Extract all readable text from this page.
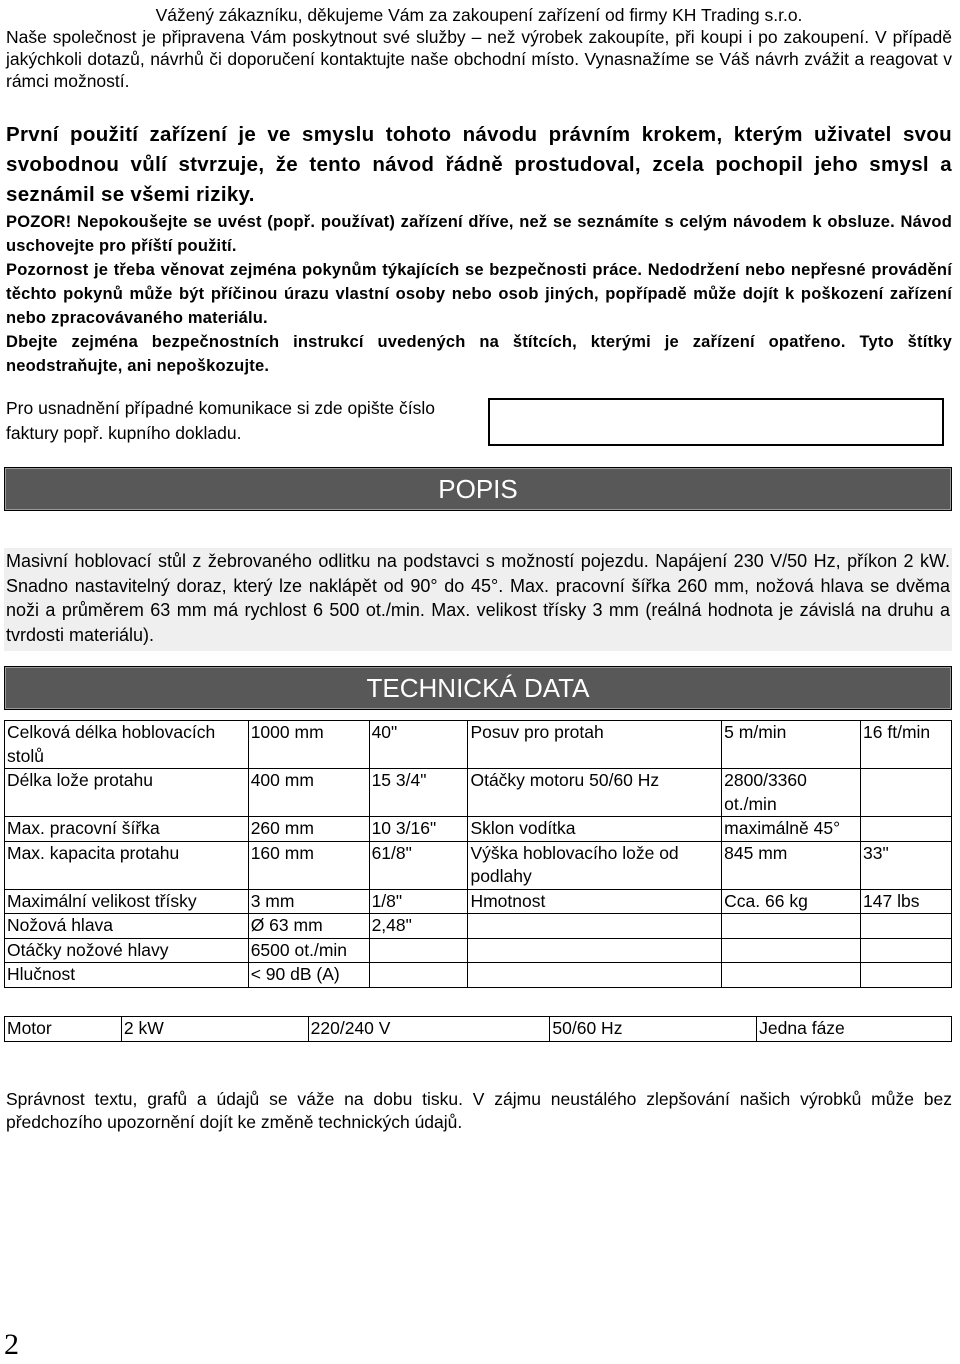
Vážený zákazníku, děkujeme Vám za zakoupení zařízení od firmy KH Trading s.r.o.
Naše společnost je připravena Vám poskytnout své služby – než výrobek zakoupíte, při koupi i po zakoupení. V případě jakýchkoli dotazů, návrhů či doporučení kontaktujte naše obchodní místo. Vynasnažíme se Váš návrh zvážit a reagovat v rámci možností.
První použití zařízení je ve smyslu tohoto návodu právním krokem, kterým uživatel svou svobodnou vůlí stvrzuje, že tento návod řádně prostudoval, zcela pochopil jeho smysl a seznámil se všemi riziky.
POZOR! Nepokoušejte se uvést (popř. používat) zařízení dříve, než se seznámíte s celým návodem k obsluze. Návod uschovejte pro příští použití.
Pozornost je třeba věnovat zejména pokynům týkajících se bezpečnosti práce. Nedodržení nebo nepřesné provádění těchto pokynů může být příčinou úrazu vlastní osoby nebo osob jiných, popřípadě může dojít k poškození zařízení nebo zpracovávaného materiálu.
Dbejte zejména bezpečnostních instrukcí uvedených na štítcích, kterými je zařízení opatřeno. Tyto štítky neodstraňujte, ani nepoškozujte.
Pro usnadnění případné komunikace si zde opište číslo faktury popř. kupního dokladu.
POPIS
Masivní hoblovací stůl z žebrovaného odlitku na podstavci s možností pojezdu. Napájení 230 V/50 Hz, příkon 2 kW. Snadno nastavitelný doraz, který lze naklápět od 90° do 45°. Max. pracovní šířka 260 mm, nožová hlava se dvěma noži a průměrem 63 mm má rychlost 6 500 ot./min. Max. velikost třísky 3 mm (reálná hodnota je závislá na druhu a tvrdosti materiálu).
TECHNICKÁ DATA
Celková délka hoblovacích stolů	1000 mm	40"	Posuv pro protah	5 m/min	16 ft/min
Délka lože protahu	400 mm	15 3/4"	Otáčky motoru 50/60 Hz	2800/3360 ot./min	
Max. pracovní šířka	260 mm	10 3/16"	Sklon vodítka	maximálně 45°	
Max. kapacita protahu	160 mm	61/8"	Výška hoblovacího lože od podlahy	845 mm	33"
Maximální velikost třísky	3 mm	1/8"	Hmotnost	Cca. 66 kg	147 lbs
Nožová hlava	Ø 63 mm	2,48"			
Otáčky nožové hlavy	6500 ot./min				
Hlučnost	< 90 dB (A)				
Motor	2 kW	220/240 V	50/60 Hz	Jedna fáze
Správnost textu, grafů a údajů se váže na dobu tisku. V zájmu neustálého zlepšování našich výrobků může bez předchozího upozornění dojít ke změně technických údajů.
2
